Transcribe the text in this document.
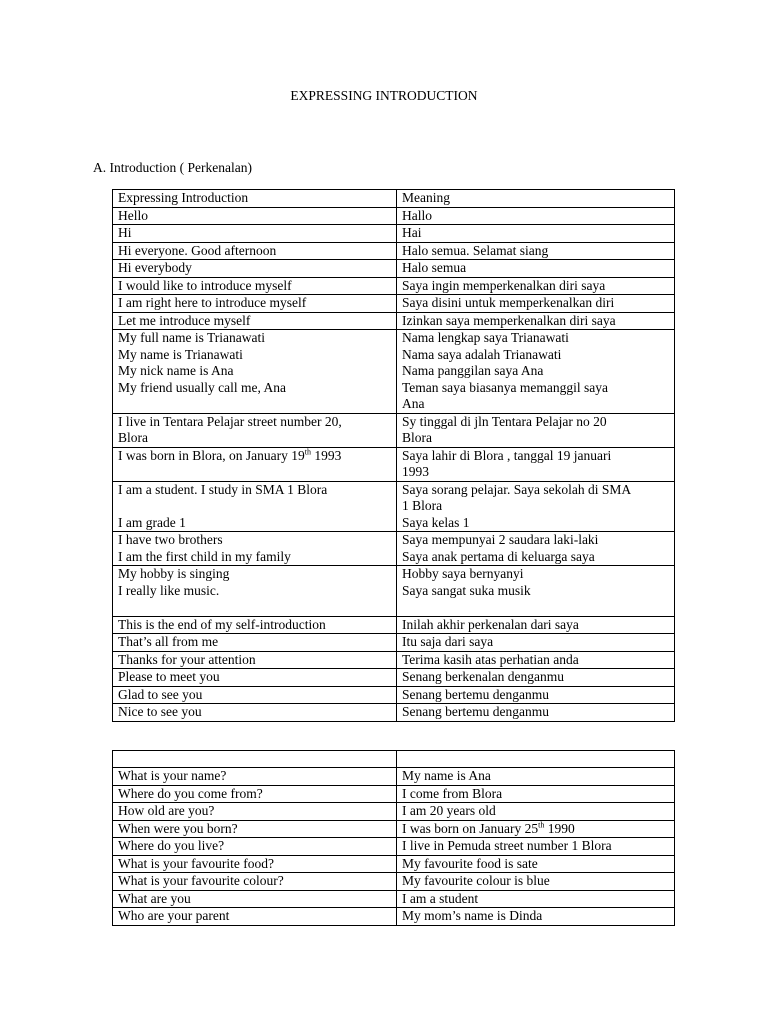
EXPRESSING INTRODUCTION
A. Introduction ( Perkenalan)
Expressing Introduction	Meaning

Hello	Hallo

Hi	Hai

Hi everyone. Good afternoon	Halo semua. Selamat siang

Hi everybody	Halo semua

I would like to introduce myself	Saya ingin memperkenalkan diri saya

I am right here to introduce myself	Saya disini untuk memperkenalkan diri

Let me introduce myself	Izinkan saya memperkenalkan diri saya

My full name is Trianawati
My name is Trianawati
My nick name is Ana
My friend usually call me, Ana	Nama lengkap saya Trianawati
Nama saya adalah Trianawati
Nama panggilan saya Ana
Teman saya biasanya memanggil saya
Ana

I live in Tentara Pelajar street number 20,
Blora	Sy tinggal di jln Tentara Pelajar no 20
Blora

I was born in Blora, on January 19th 1993	Saya lahir di Blora , tanggal 19 januari
1993

I am a student. I study in SMA 1 Blora
I am grade 1	Saya sorang pelajar. Saya sekolah di SMA
1 Blora
Saya kelas 1

I have two brothers
I am the first child in my family	Saya mempunyai 2 saudara laki-laki
Saya anak pertama di keluarga saya

My hobby is singing
I really like music.	Hobby saya bernyanyi
Saya sangat suka musik

This is the end of my self-introduction	Inilah akhir perkenalan dari saya

That’s all from me	Itu saja dari saya

Thanks for your attention	Terima kasih atas perhatian anda

Please to meet you	Senang berkenalan denganmu

Glad to see you	Senang bertemu denganmu

Nice to see you	Senang bertemu denganmu

What is your name?	My name is Ana

Where do you come from?	I come from Blora

How old are you?	I am 20 years old

When were you born?	I was born on January 25th 1990

Where do you live?	I live in Pemuda street number 1 Blora

What is your favourite food?	My favourite food is sate

What is your favourite colour?	My favourite colour is blue

What are you	I am a student

Who are your parent	My mom’s name is Dinda
